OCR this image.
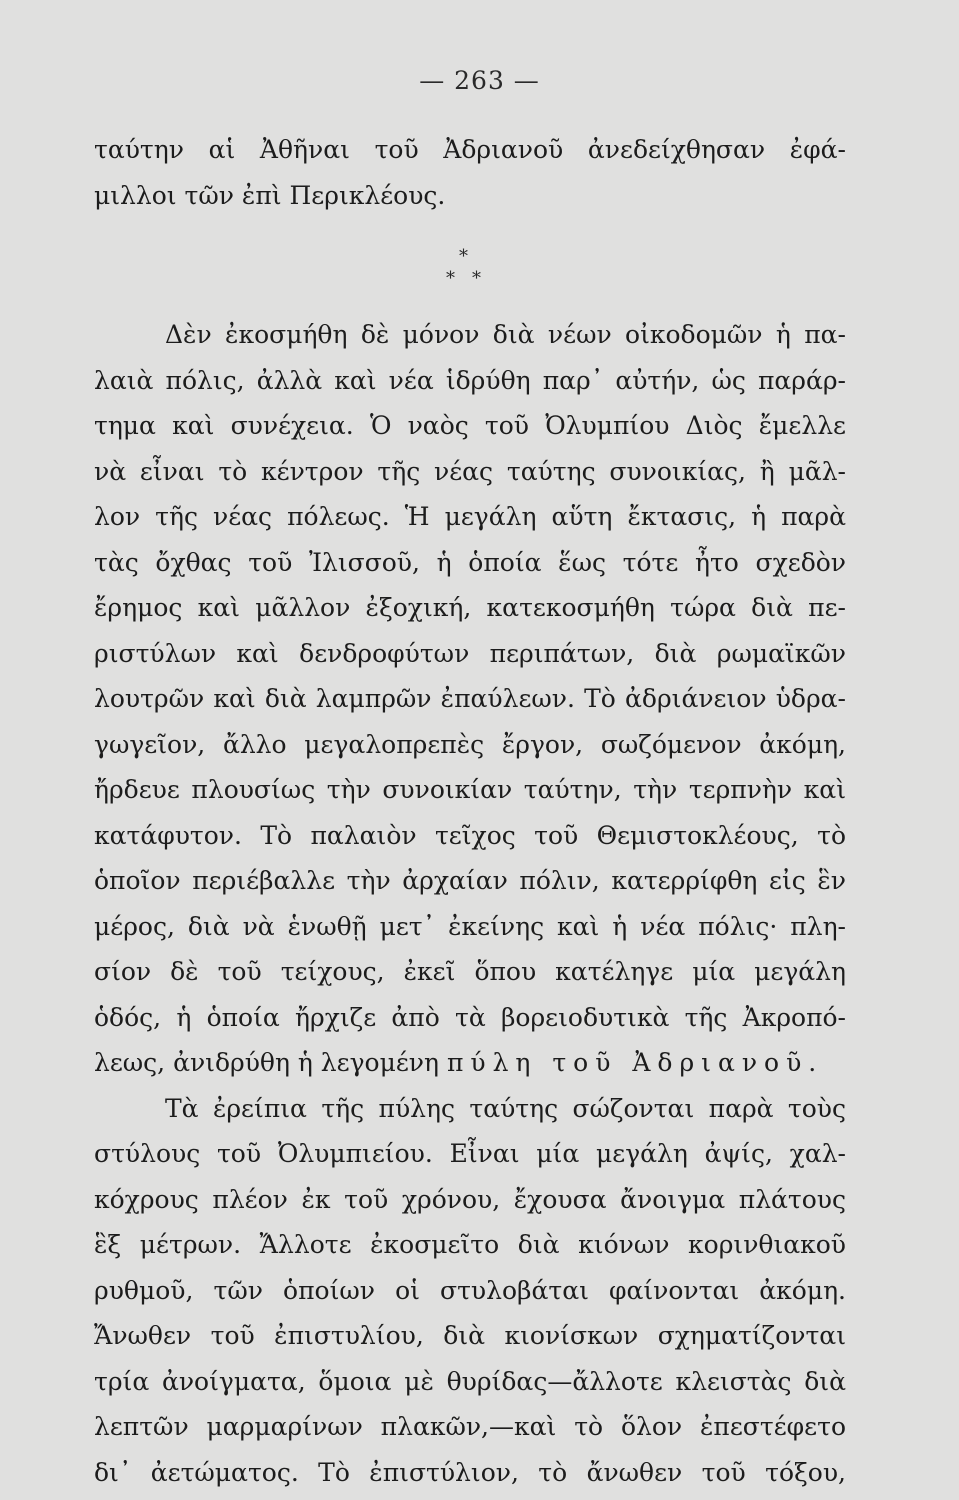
— 263 —
ταύτην αἱ Ἀθῆναι τοῦ Ἀδριανοῦ ἀνεδείχθησαν ἐφά-
μιλλοι τῶν ἐπὶ Περικλέους.
*
* *
Δὲν ἐκοσμήθη δὲ μόνον διὰ νέων οἰκοδομῶν ἡ πα-
λαιὰ πόλις, ἀλλὰ καὶ νέα ἱδρύθη παρ᾽ αὐτήν, ὡς παράρ-
τημα καὶ συνέχεια. Ὁ ναὸς τοῦ Ὀλυμπίου Διὸς ἔμελλε
νὰ εἶναι τὸ κέντρον τῆς νέας ταύτης συνοικίας, ἢ μᾶλ-
λον τῆς νέας πόλεως. Ἡ μεγάλη αὕτη ἔκτασις, ἡ παρὰ
τὰς ὄχθας τοῦ Ἰλισσοῦ, ἡ ὁποία ἕως τότε ἦτο σχεδὸν
ἔρημος καὶ μᾶλλον ἐξοχική, κατεκοσμήθη τώρα διὰ πε-
ριστύλων καὶ δενδροφύτων περιπάτων, διὰ ρωμαϊκῶν
λουτρῶν καὶ διὰ λαμπρῶν ἐπαύλεων. Τὸ ἀδριάνειον ὑδρα-
γωγεῖον, ἄλλο μεγαλοπρεπὲς ἔργον, σωζόμενον ἀκόμη,
ἤρδευε πλουσίως τὴν συνοικίαν ταύτην, τὴν τερπνὴν καὶ
κατάφυτον. Τὸ παλαιὸν τεῖχος τοῦ Θεμιστοκλέους, τὸ
ὁποῖον περιέβαλλε τὴν ἀρχαίαν πόλιν, κατερρίφθη εἰς ἓν
μέρος, διὰ νὰ ἑνωθῇ μετ᾽ ἐκείνης καὶ ἡ νέα πόλις· πλη-
σίον δὲ τοῦ τείχους, ἐκεῖ ὅπου κατέληγε μία μεγάλη
ὁδός, ἡ ὁποία ἤρχιζε ἀπὸ τὰ βορειοδυτικὰ τῆς Ἀκροπό-
λεως, ἀνιδρύθη ἡ λεγομένη πύλη τοῦ Ἀδριανοῦ.
Τὰ ἐρείπια τῆς πύλης ταύτης σώζονται παρὰ τοὺς
στύλους τοῦ Ὀλυμπιείου. Εἶναι μία μεγάλη ἀψίς, χαλ-
κόχρους πλέον ἐκ τοῦ χρόνου, ἔχουσα ἄνοιγμα πλάτους
ἓξ μέτρων. Ἄλλοτε ἐκοσμεῖτο διὰ κιόνων κορινθιακοῦ
ρυθμοῦ, τῶν ὁποίων οἱ στυλοβάται φαίνονται ἀκόμη.
Ἄνωθεν τοῦ ἐπιστυλίου, διὰ κιονίσκων σχηματίζονται
τρία ἀνοίγματα, ὅμοια μὲ θυρίδας—ἄλλοτε κλειστὰς διὰ
λεπτῶν μαρμαρίνων πλακῶν,—καὶ τὸ ὅλον ἐπεστέφετο
δι᾽ ἀετώματος. Τὸ ἐπιστύλιον, τὸ ἄνωθεν τοῦ τόξου,
